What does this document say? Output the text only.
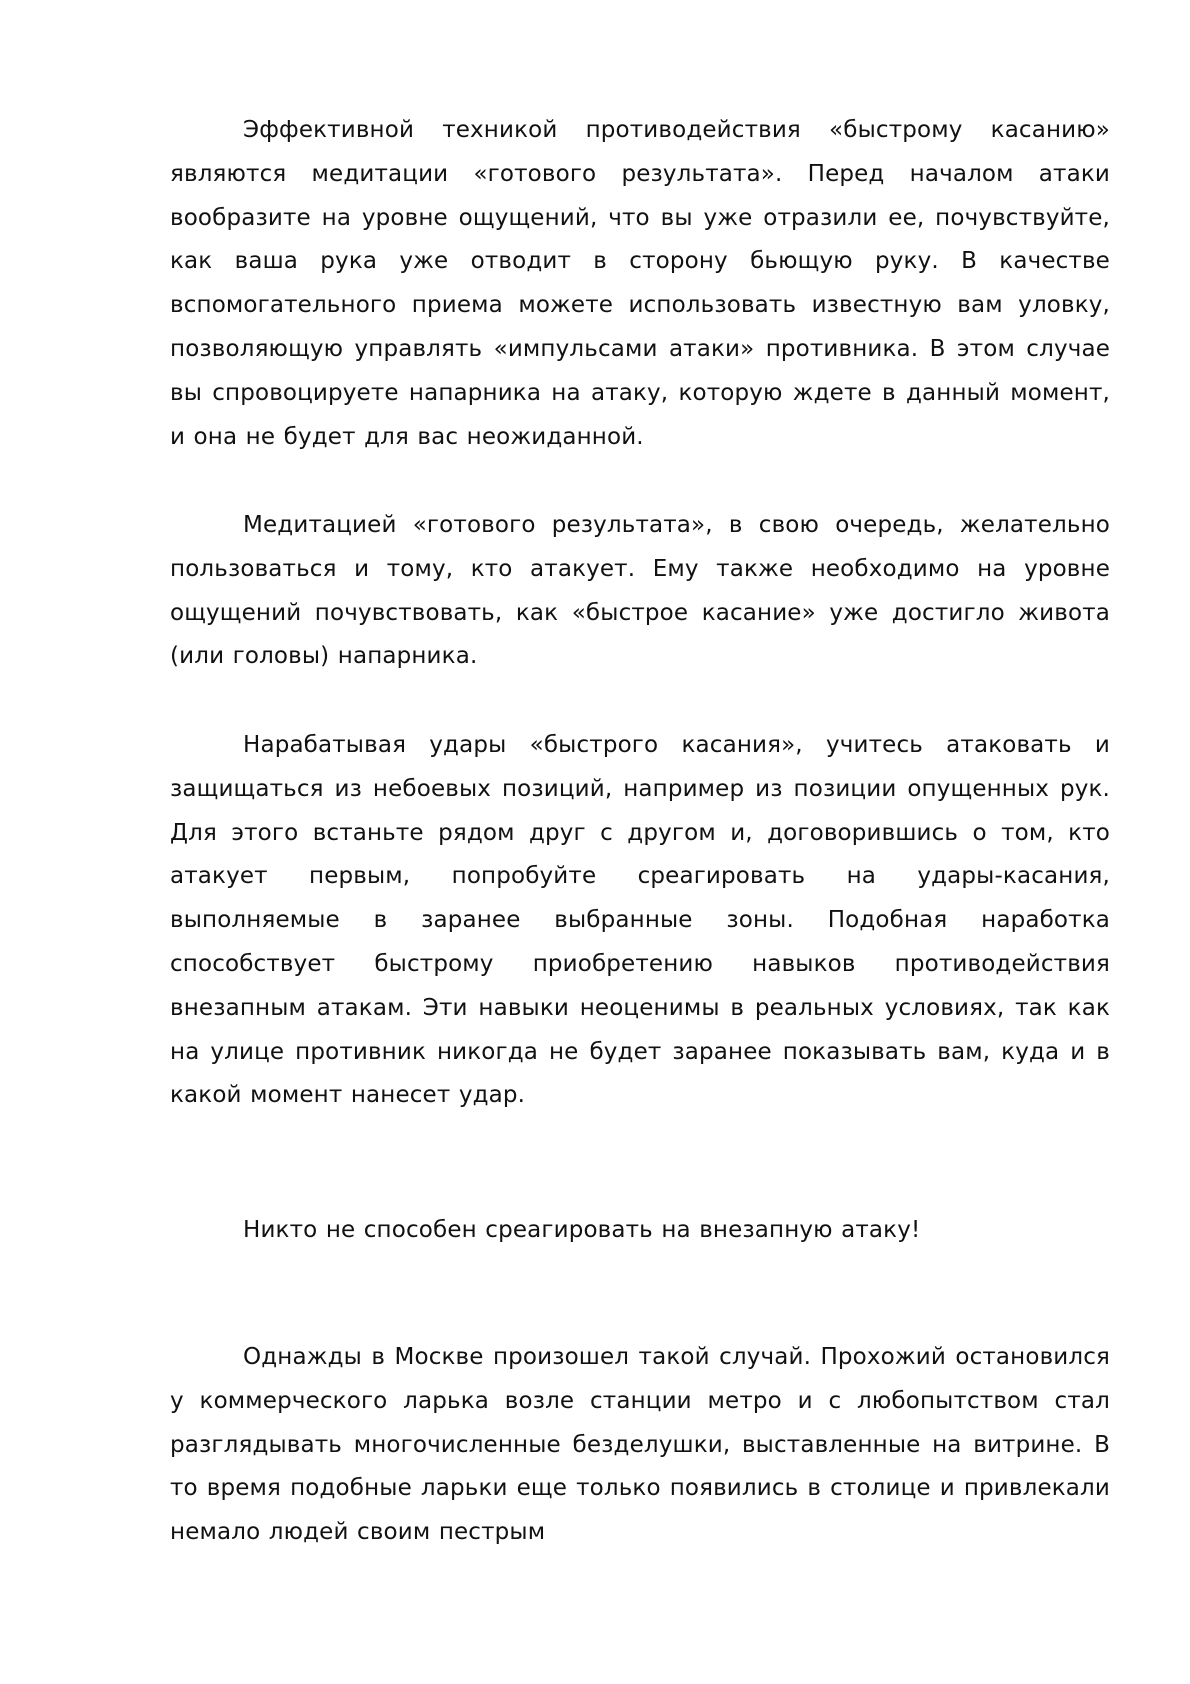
Эффективной техникой противодействия «быстрому касанию» являются медитации «готового результата». Перед началом атаки вообразите на уровне ощущений, что вы уже отразили ее, почувствуйте, как ваша рука уже отводит в сторону бьющую руку. В качестве вспомогательного приема можете использовать известную вам уловку, позволяющую управлять «импульсами атаки» противника. В этом случае вы спровоцируете напарника на атаку, которую ждете в данный момент, и она не будет для вас неожиданной.

Медитацией «готового результата», в свою очередь, желательно пользоваться и тому, кто атакует. Ему также необходимо на уровне ощущений почувствовать, как «быстрое касание» уже достигло живота (или головы) напарника.

Нарабатывая удары «быстрого касания», учитесь атаковать и защищаться из небоевых позиций, например из позиции опущенных рук. Для этого встаньте рядом друг с другом и, договорившись о том, кто атакует первым, попробуйте среагировать на удары-касания, выполняемые в заранее выбранные зоны. Подобная наработка способствует быстрому приобретению навыков противодействия внезапным атакам. Эти навыки неоценимы в реальных условиях, так как на улице противник никогда не будет заранее показывать вам, куда и в какой момент нанесет удар.

Никто не способен среагировать на внезапную атаку!

Однажды в Москве произошел такой случай. Прохожий остановился у коммерческого ларька возле станции метро и с любопытством стал разглядывать многочисленные безделушки, выставленные на витрине. В то время подобные ларьки еще только появились в столице и привлекали немало людей своим пестрым
